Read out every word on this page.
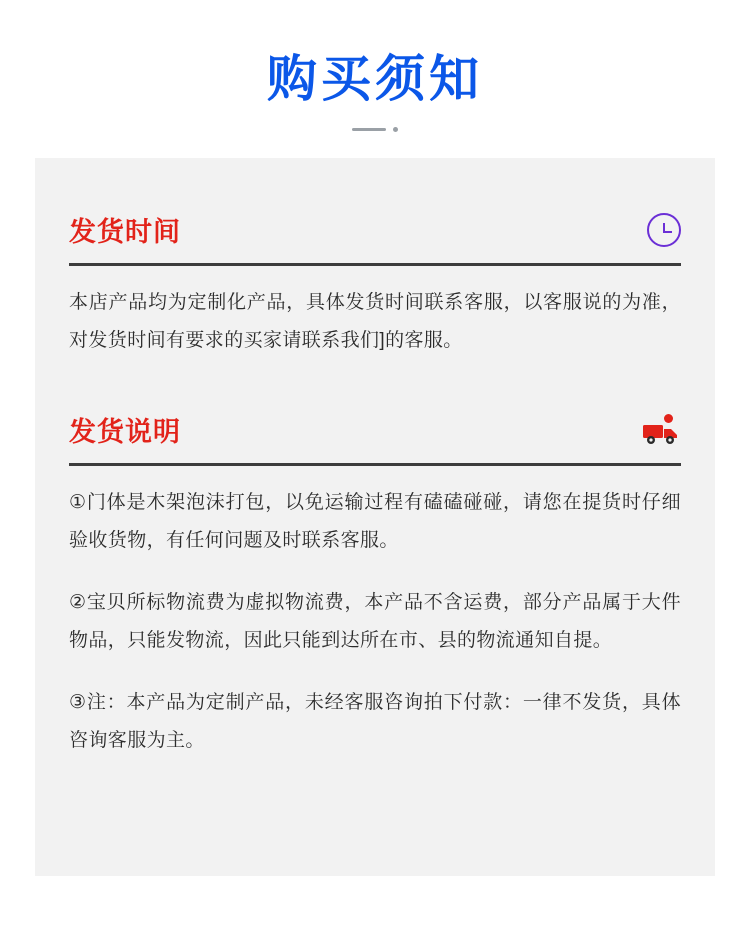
购买须知
发货时间

本店产品均为定制化产品，具体发货时间联系客服，以客服说的为准，对发货时间有要求的买家请联系我们]的客服。

发货说明

①门体是木架泡沫打包，以免运输过程有磕磕碰碰，请您在提货时仔细验收货物，有任何问题及时联系客服。

②宝贝所标物流费为虚拟物流费，本产品不含运费，部分产品属于大件物品，只能发物流，因此只能到达所在市、县的物流通知自提。

③注：本产品为定制产品，未经客服咨询拍下付款：一律不发货，具体咨询客服为主。
